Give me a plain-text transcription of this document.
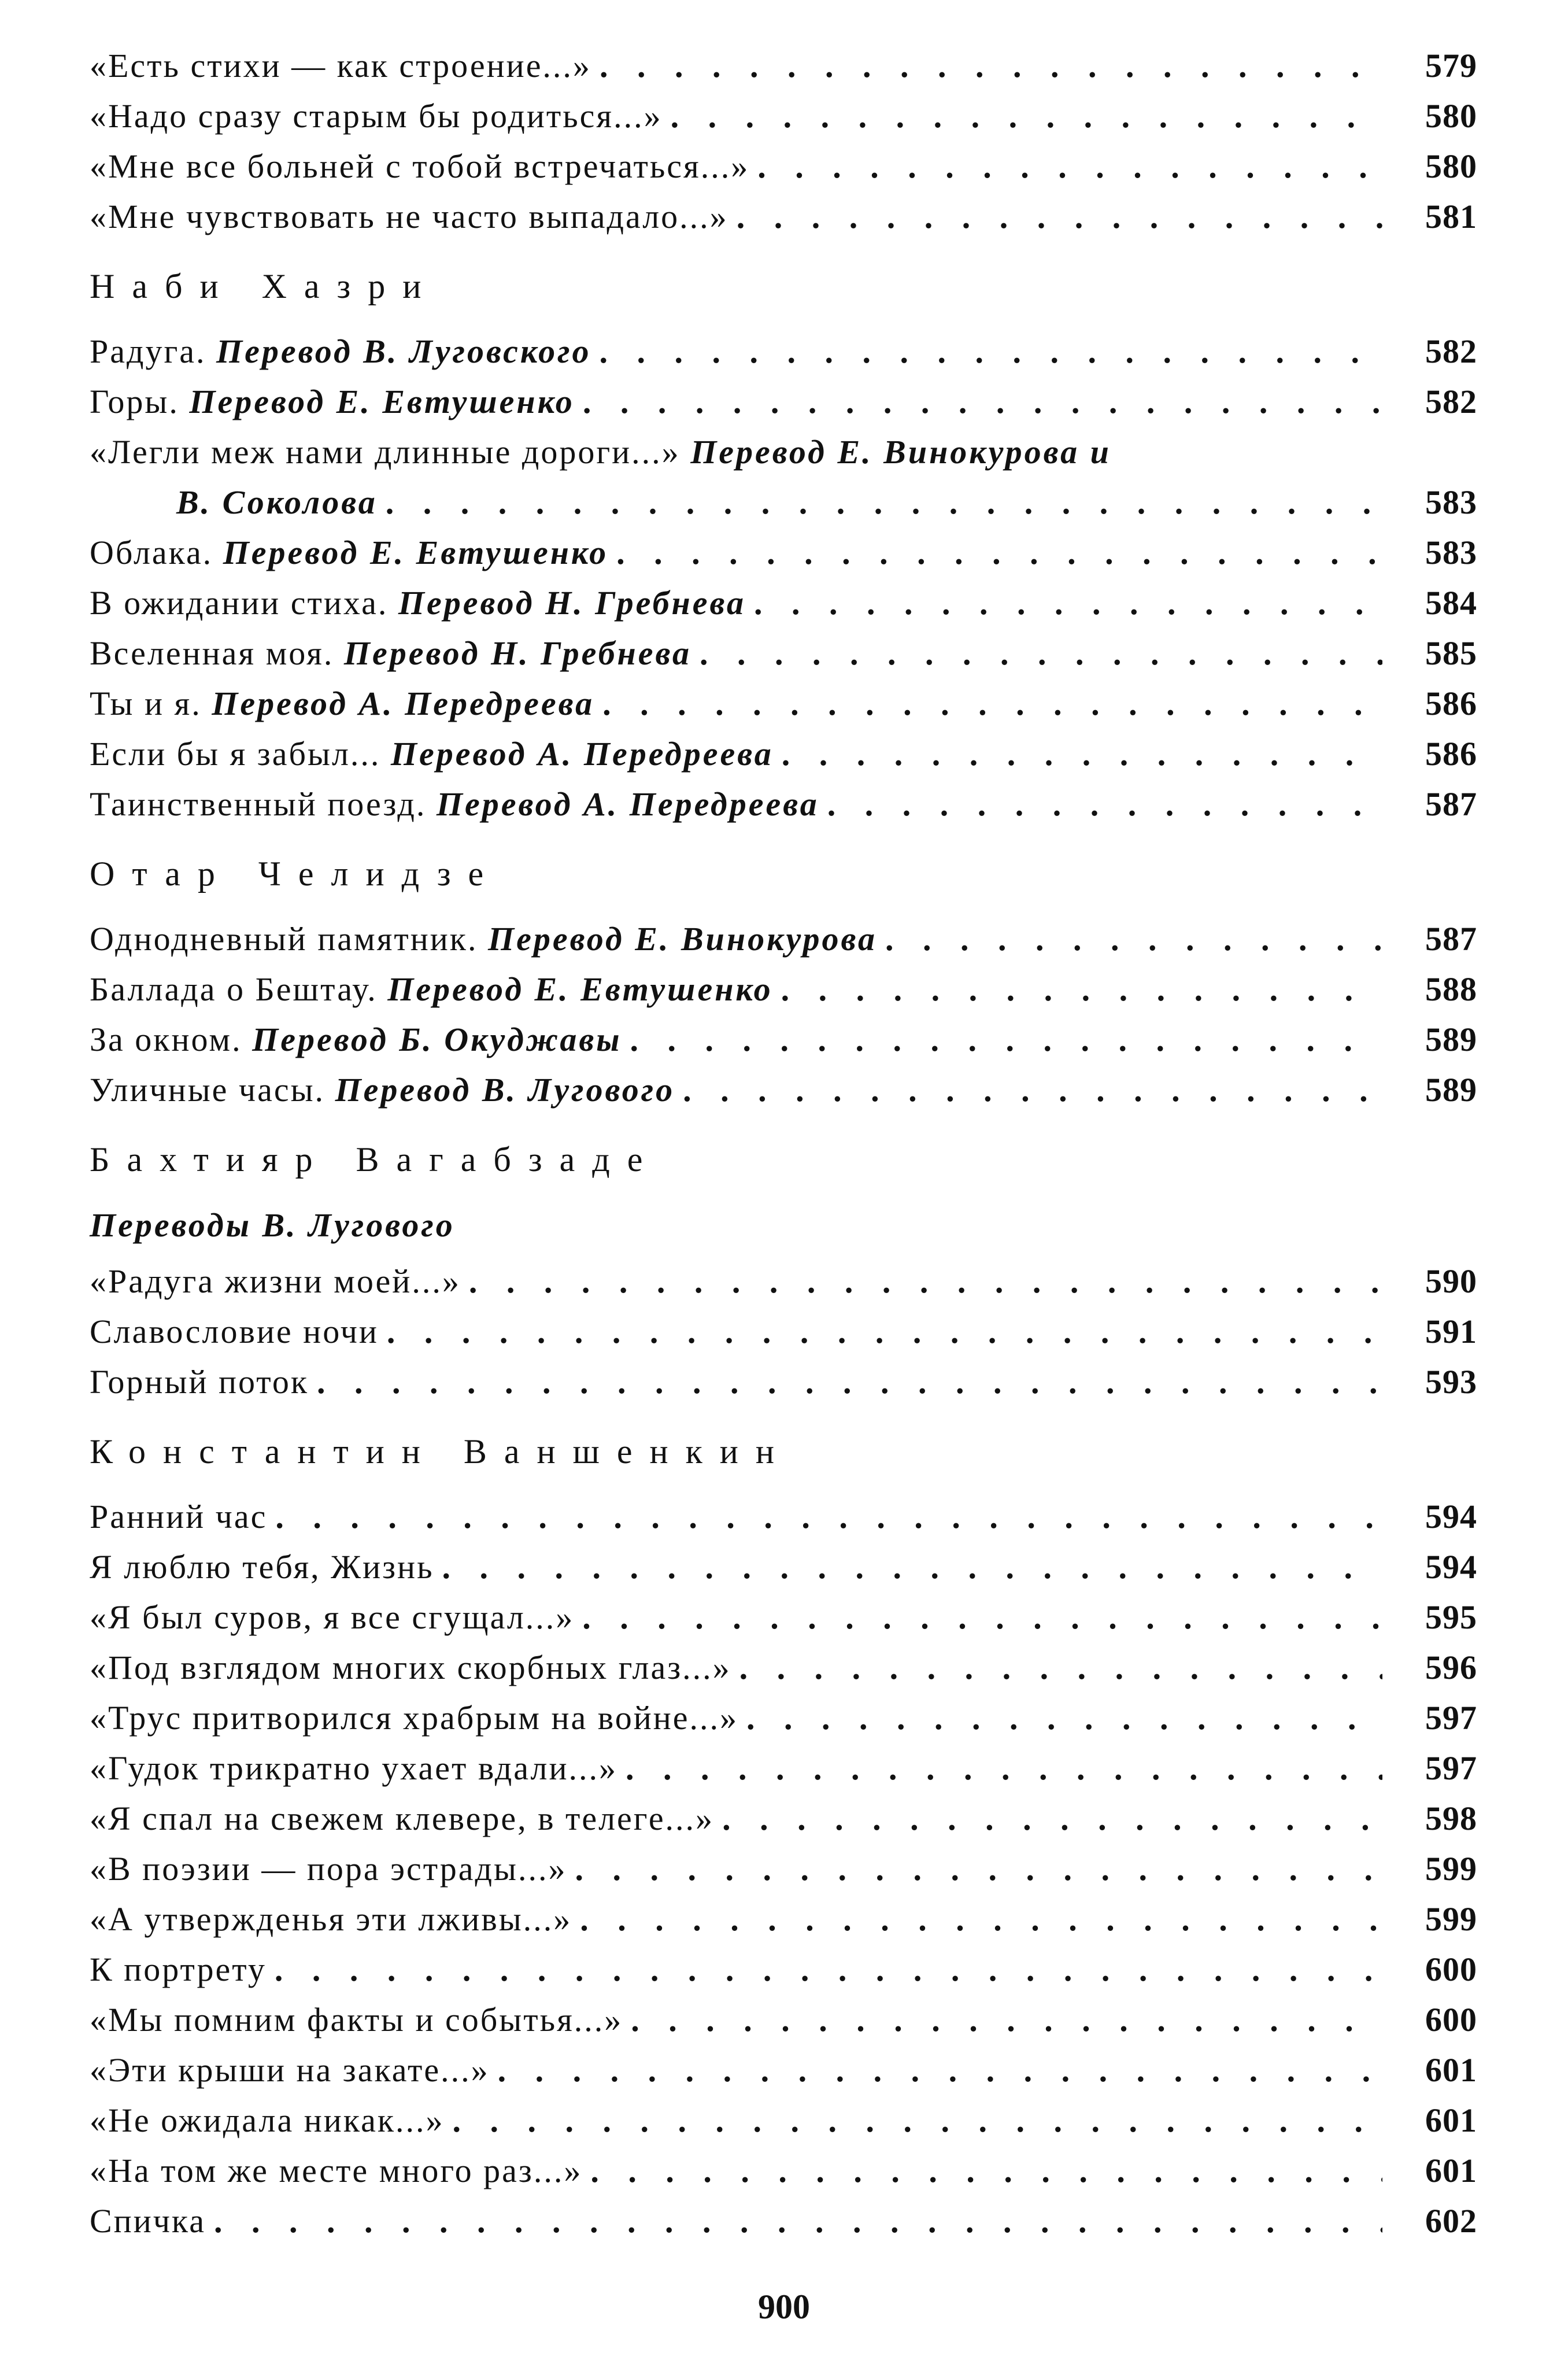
«Есть стихи — как строение...» . . .	579
«Надо сразу старым бы родиться...» . . .	580
«Мне все больней с тобой встречаться...» . . .	580
«Мне чувствовать не часто выпадало...» . . .	581
Наби Хазри
Радуга. Перевод В. Луговского . . .	582
Горы. Перевод Е. Евтушенко . . .	582
«Легли меж нами длинные дороги...» Перевод Е. Винокурова и
В. Соколова . . .	583
Облака. Перевод Е. Евтушенко . . .	583
В ожидании стиха. Перевод Н. Гребнева . . .	584
Вселенная моя. Перевод Н. Гребнева . . .	585
Ты и я. Перевод А. Передреева . . .	586
Если бы я забыл... Перевод А. Передреева . . .	586
Таинственный поезд. Перевод А. Передреева . . .	587
Отар Челидзе
Однодневный памятник. Перевод Е. Винокурова . . .	587
Баллада о Бештау. Перевод Е. Евтушенко . . .	588
За окном. Перевод Б. Окуджавы . . .	589
Уличные часы. Перевод В. Лугового . . .	589
Бахтияр Вагабзаде
Переводы В. Лугового
«Радуга жизни моей...» . . .	590
Славословие ночи . . .	591
Горный поток . . .	593
Константин Ваншенкин
Ранний час . . .	594
Я люблю тебя, Жизнь . . .	594
«Я был суров, я все сгущал...» . . .	595
«Под взглядом многих скорбных глаз...» . . .	596
«Трус притворился храбрым на войне...» . . .	597
«Гудок трикратно ухает вдали...» . . .	597
«Я спал на свежем клевере, в телеге...» . . .	598
«В поэзии — пора эстрады...» . . .	599
«А утвержденья эти лживы...» . . .	599
К портрету . . .	600
«Мы помним факты и событья...» . . .	600
«Эти крыши на закате...» . . .	601
«Не ожидала никак...» . . .	601
«На том же месте много раз...» . . .	601
Спичка . . .	602
900
